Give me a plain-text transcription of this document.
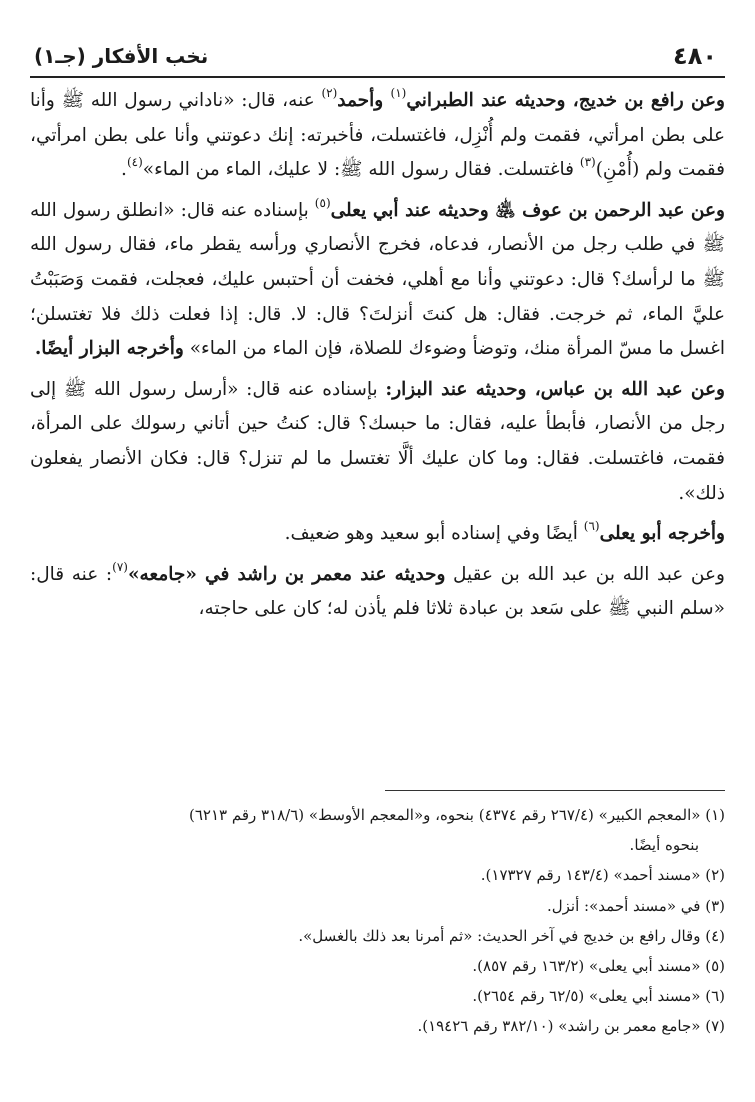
٤٨٠
نخب الأفكار (جـ١)

وعن رافع بن خديج، وحديثه عند الطبراني$^{(١)}$ وأحمد$^{(٢)}$ عنه، قال: «ناداني رسول الله ﷺ وأنا على بطن امرأتي، فقمت ولم أُنْزِل، فاغتسلت، فأخبرته: إنك دعوتني وأنا على بطن امرأتي، فقمت ولم (أُمْنِ)$^{(٣)}$ فاغتسلت. فقال رسول الله ﷺ: لا عليك، الماء من الماء»$^{(٤)}$.

وعن عبد الرحمن بن عوف ﵁ وحديثه عند أبي يعلى$^{(٥)}$ بإسناده عنه قال: «انطلق رسول الله ﷺ في طلب رجل من الأنصار، فدعاه، فخرج الأنصاري ورأسه يقطر ماء، فقال رسول الله ﷺ ما لرأسك؟ قال: دعوتني وأنا مع أهلي، فخفت أن أحتبس عليك، فعجلت، فقمت وَصَبَبْتُ عليَّ الماء، ثم خرجت. فقال: هل كنتَ أنزلتَ؟ قال: لا. قال: إذا فعلت ذلك فلا تغتسلن؛ اغسل ما مسّ المرأة منك، وتوضأ وضوءك للصلاة، فإن الماء من الماء» وأخرجه البزار أيضًا.

وعن عبد الله بن عباس، وحديثه عند البزار: بإسناده عنه قال: «أرسل رسول الله ﷺ إلى رجل من الأنصار، فأبطأ عليه، فقال: ما حبسك؟ قال: كنتُ حين أتاني رسولك على المرأة، فقمت، فاغتسلت. فقال: وما كان عليك ألَّا تغتسل ما لم تنزل؟ قال: فكان الأنصار يفعلون ذلك».

وأخرجه أبو يعلى$^{(٦)}$ أيضًا وفي إسناده أبو سعيد وهو ضعيف.

وعن عبد الله بن عبد الله بن عقيل وحديثه عند معمر بن راشد في «جامعه»$^{(٧)}$: عنه قال: «سلم النبي ﷺ على سَعد بن عبادة ثلاثا فلم يأذن له؛ كان على حاجته،

(١) «المعجم الكبير» (٢٦٧/٤ رقم ٤٣٧٤) بنحوه، و«المعجم الأوسط» (٣١٨/٦ رقم ٦٢١٣)

بنحوه أيضًا.

(٢) «مسند أحمد» (١٤٣/٤ رقم ١٧٣٢٧).

(٣) في «مسند أحمد»: أنزل.

(٤) وقال رافع بن خديج في آخر الحديث: «ثم أمرنا بعد ذلك بالغسل».

(٥) «مسند أبي يعلى» (١٦٣/٢ رقم ٨٥٧).

(٦) «مسند أبي يعلى» (٦٢/٥ رقم ٢٦٥٤).

(٧) «جامع معمر بن راشد» (٣٨٢/١٠ رقم ١٩٤٢٦).
